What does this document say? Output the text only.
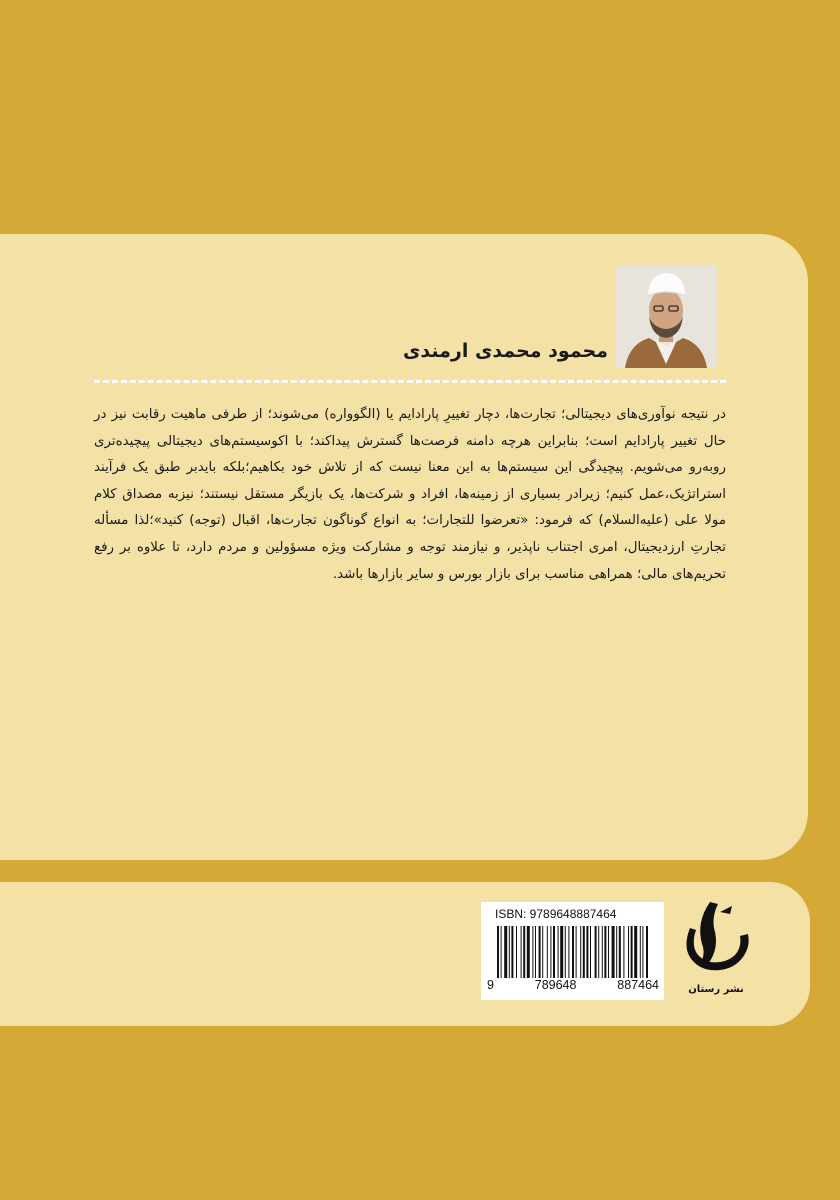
محمود محمدی ارمندی
در نتیجه نوآوری‌های دیجیتالی؛ تجارت‌ها، دچار تغییرِ پارادایم یا (الگوواره) می‌شوند؛ از طرفی ماهیت رقابت نیز در حال تغییر پارادایم است؛ بنابراین هرچه دامنه فرصت‌ها گسترش پیداکند؛ با اکوسیستم‌های دیجیتالی پیچیده‌تری روبه‌رو می‌شویم. پیچیدگی این سیستم‌ها به این معنا نیست که از تلاش خود بکاهیم؛بلکه بایدبر طبق یک فرآیند استراتژیک،عمل کنیم؛ زیرادر بسیاری از زمینه‌ها، افراد و شرکت‌ها، یک بازیگر مستقل نیستند؛ نیزبه مصداق کلام مولا علی (علیه‌السلام) که فرمود: «تعرضوا للتجارات؛ به انواع گوناگون تجارت‌ها، اقبال (توجه) کنید»؛لذا مسأله تجارتِ ارزدیجیتال، امری اجتناب ناپذیر، و نیازمند توجه و مشارکت ویژه مسؤولین و مردم دارد، تا علاوه بر رفع تحریم‌های مالی؛ همراهی مناسب برای بازار بورس و سایر بازارها باشد.
ISBN: 9789648887464
9	789648	887464	نشر رستان
